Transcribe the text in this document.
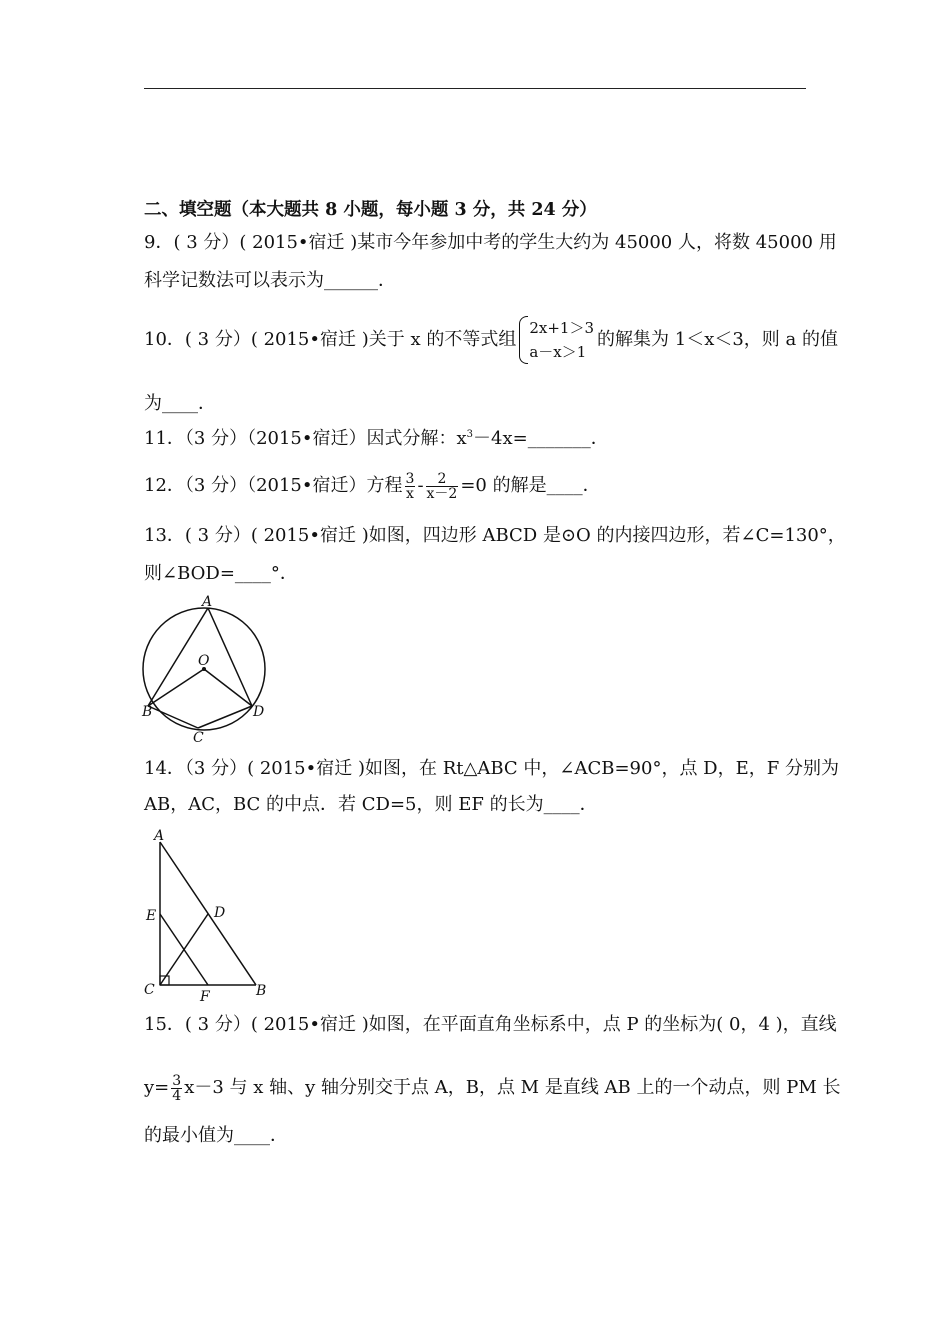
二、填空题（本大题共 8 小题，每小题 3 分，共 24 分）
9．( 3 分）( 2015•宿迁 )某市今年参加中考的学生大约为 45000 人，将数 45000 用
科学记数法可以表示为______．
10．( 3 分）( 2015•宿迁 )关于 x 的不等式组
2x+1＞3
a－x＞1
的解集为 1＜x＜3，则 a 的值
为____．
11．（3 分）（2015•宿迁）因式分解：$x^3-4x=\_\_\_\_\_\_\_$．
12．（3 分）（2015•宿迁）方程 $\frac{3}{x} - \frac{2}{x-2} =0$ 的解是____．
13．( 3 分）( 2015•宿迁 )如图，四边形 ABCD 是⊙O 的内接四边形，若∠C=130°，
则∠BOD=____°．
A
O
B	D
C
14．（3 分）( 2015•宿迁 )如图，在 Rt△ABC 中，∠ACB=90°，点 D，E，F 分别为
AB，AC，BC 的中点．若 CD=5，则 EF 的长为____．
A
E	D
C	F	B
15．( 3 分）( 2015•宿迁 )如图，在平面直角坐标系中，点 P 的坐标为( 0，4 )，直线
$y= \frac{3}{4} x-3$ 与 x 轴、y 轴分别交于点 A，B，点 M 是直线 AB 上的一个动点，则 PM 长
的最小值为____．
